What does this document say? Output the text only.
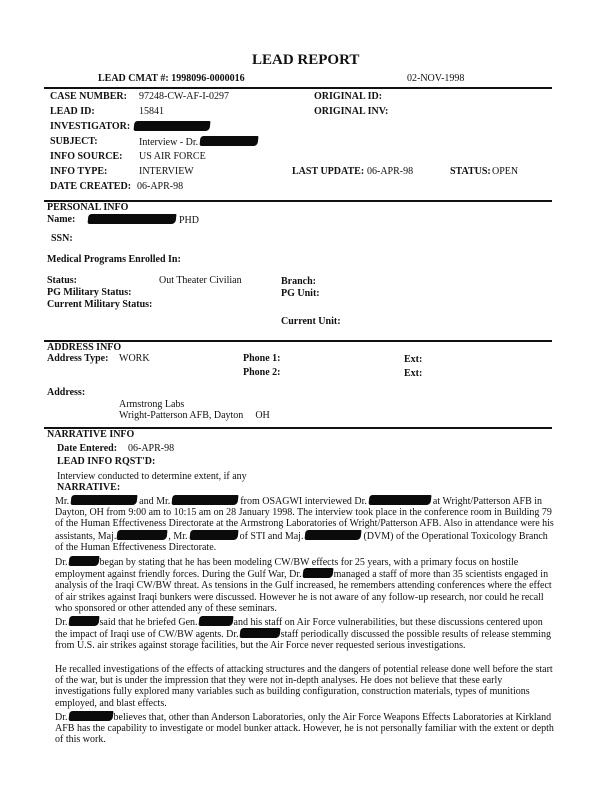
LEAD REPORT
LEAD CMAT #: 1998096-0000016	02-NOV-1998
CASE NUMBER: 97248-CW-AF-I-0297	ORIGINAL ID:
LEAD ID:	15841	ORIGINAL INV:
INVESTIGATOR:
SUBJECT:	Interview - Dr.
INFO SOURCE: US AIR FORCE
INFO TYPE:	INTERVIEW	LAST UPDATE: 06-APR-98	STATUS: OPEN
DATE CREATED: 06-APR-98
PERSONAL INFO
Name:	PHD
SSN:
Medical Programs Enrolled In:
Status:	Out Theater Civilian	Branch:
PG Military Status:	PG Unit:
Current Military Status:
Current Unit:
ADDRESS INFO
Address Type: WORK	Phone 1:	Ext:
Phone 2:	Ext:
Address:
Armstrong Labs
Wright-Patterson AFB, Dayton OH
NARRATIVE INFO
Date Entered: 06-APR-98
LEAD INFO RQST'D:
Interview conducted to determine extent, if any
NARRATIVE:
Mr.	and Mr.	from OSAGWI interviewed Dr.	at Wright/Patterson AFB in Dayton, OH from 9:00 am to 10:15 am on 28 January 1998. The interview took place in the conference room in Building 79 of the Human Effectiveness Directorate at the Armstrong Laboratories of Wright/Patterson AFB. Also in attendance were his assistants, Maj.	, Mr.	of STI and Maj.	(DVM) of the Operational Toxicology Branch of the Human Effectiveness Directorate.
Dr.	began by stating that he has been modeling CW/BW effects for 25 years, with a primary focus on hostile employment against friendly forces. During the Gulf War, Dr.	managed a staff of more than 35 scientists engaged in analysis of the Iraqi CW/BW threat. As tensions in the Gulf increased, he remembers attending conferences where the effect of air strikes against Iraqi bunkers were discussed. However he is not aware of any follow-up research, nor could he recall who sponsored or other attended any of these seminars.
Dr.	said that he briefed Gen.	and his staff on Air Force vulnerabilities, but these discussions centered upon the impact of Iraqi use of CW/BW agents. Dr.	staff periodically discussed the possible results of release stemming from U.S. air strikes against storage facilities, but the Air Force never requested serious investigations.
He recalled investigations of the effects of attacking structures and the dangers of potential release done well before the start of the war, but is under the impression that they were not in-depth analyses. He does not believe that these early investigations fully explored many variables such as building configuration, construction materials, types of munitions employed, and blast effects.
Dr.	believes that, other than Anderson Laboratories, only the Air Force Weapons Effects Laboratories at Kirkland AFB has the capability to investigate or model bunker attack. However, he is not personally familiar with the extent or depth of this work.
